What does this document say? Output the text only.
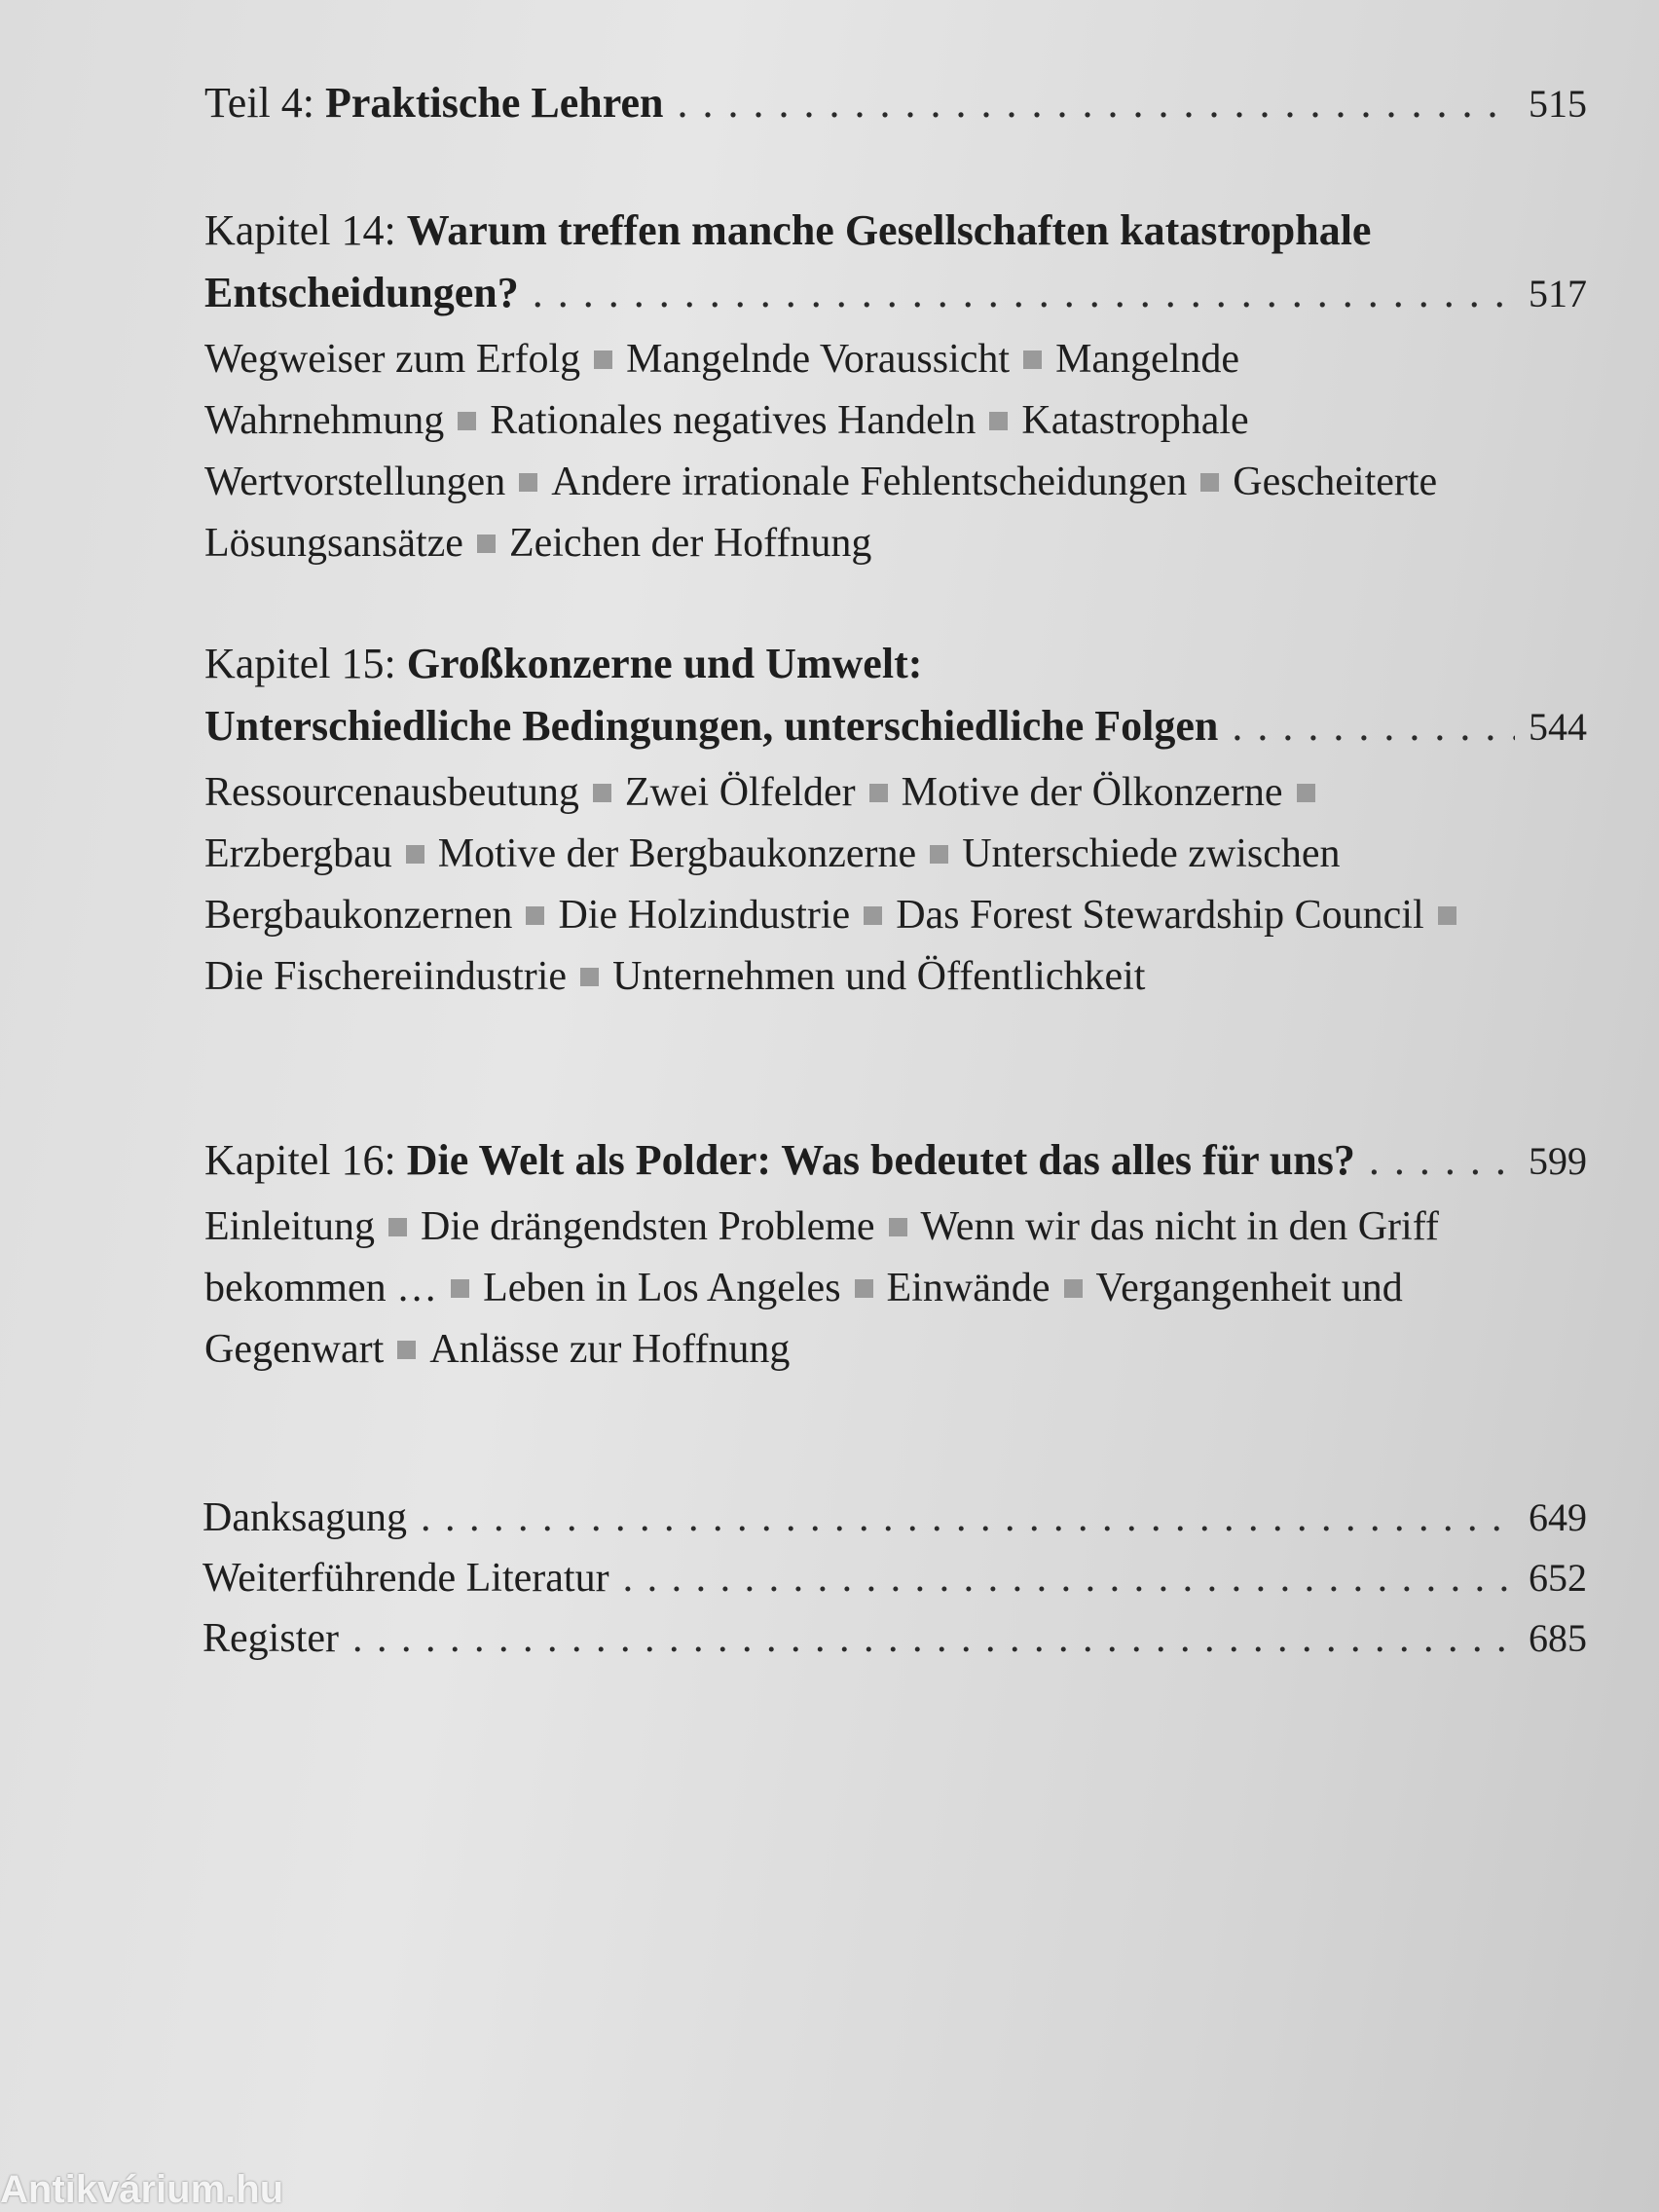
Teil 4:
Praktische Lehren . . .	515
Kapitel 14: Warum treffen manche Gesellschaften katastrophale
Entscheidungen? . . .	517
Wegweiser zum Erfolg Mangelnde Voraussicht Mangelnde Wahrnehmung Rationales negatives Handeln Katastrophale Wertvorstellungen Andere irrationale Fehlentscheidungen Gescheiterte Lösungsansätze Zeichen der Hoffnung
Kapitel 15: Großkonzerne und Umwelt:
Unterschiedliche Bedingungen, unterschiedliche Folgen . . .	544
Ressourcenausbeutung Zwei Ölfelder Motive der ÖlkonzerneErzbergbau Motive der Bergbaukonzerne Unterschiede zwischen Bergbaukonzernen Die Holzindustrie Das Forest Stewardship CouncilDie Fischereiindustrie Unternehmen und Öffentlichkeit
Kapitel 16:
Die Welt als Polder: Was bedeutet das alles für uns? . . .	599
Einleitung Die drängendsten Probleme Wenn wir das nicht in den Griff bekommen … Leben in Los Angeles Einwände Vergangenheit und Gegenwart Anlässe zur Hoffnung
Danksagung . . .	649
Weiterführende Literatur . . .	652
Register . . .	685
Antikvárium.hu
